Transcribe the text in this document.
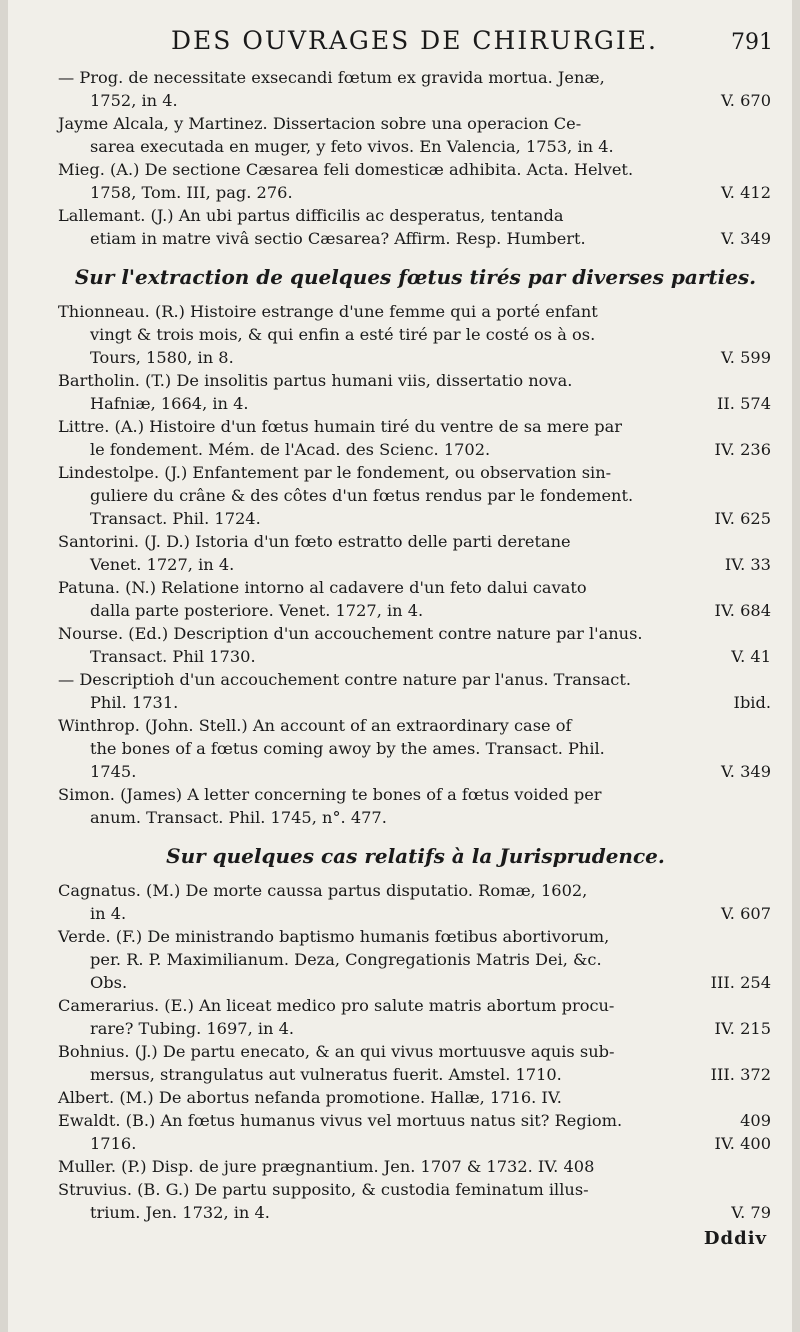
DES OUVRAGES DE CHIRURGIE.	791
— Prog. de necessitate exsecandi fœtum ex gravida mortua. Jenæ,
1752, in 4.	V. 670
Jayme Alcala, y Martinez. Dissertacion sobre una operacion Ce-
sarea executada en muger, y feto vivos. En Valencia, 1753, in 4.
Mieg. (A.) De sectione Cæsarea feli domesticæ adhibita. Acta. Helvet.
1758, Tom. III, pag. 276.	V. 412
Lallemant. (J.) An ubi partus difficilis ac desperatus, tentanda
etiam in matre vivâ sectio Cæsarea? Affirm. Resp. Humbert.	V. 349
Sur l'extraction de quelques fœtus tirés par diverses parties.
Thionneau. (R.) Histoire estrange d'une femme qui a porté enfant
vingt & trois mois, & qui enfin a esté tiré par le costé os à os.
Tours, 1580, in 8.	V. 599
Bartholin. (T.) De insolitis partus humani viis, dissertatio nova.
Hafniæ, 1664, in 4.	II. 574
Littre. (A.) Histoire d'un fœtus humain tiré du ventre de sa mere par
le fondement. Mém. de l'Acad. des Scienc. 1702.	IV. 236
Lindestolpe. (J.) Enfantement par le fondement, ou observation sin-
guliere du crâne & des côtes d'un fœtus rendus par le fondement.
Transact. Phil. 1724.	IV. 625
Santorini. (J. D.) Istoria d'un fœto estratto delle parti deretane
Venet. 1727, in 4.	IV. 33
Patuna. (N.) Relatione intorno al cadavere d'un feto dalui cavato
dalla parte posteriore. Venet. 1727, in 4.	IV. 684
Nourse. (Ed.) Description d'un accouchement contre nature par l'anus.
Transact. Phil 1730.	V. 41
— Descriptioh d'un accouchement contre nature par l'anus. Transact.
Phil. 1731.	Ibid.
Winthrop. (John. Stell.) An account of an extraordinary case of
the bones of a fœtus coming awoy by the ames. Transact. Phil.
1745.	V. 349
Simon. (James) A letter concerning te bones of a fœtus voided per
anum. Transact. Phil. 1745, n°. 477.
Sur quelques cas relatifs à la Jurisprudence.
Cagnatus. (M.) De morte caussa partus disputatio. Romæ, 1602,
in 4.	V. 607
Verde. (F.) De ministrando baptismo humanis fœtibus abortivorum,
per. R. P. Maximilianum. Deza, Congregationis Matris Dei, &c.
Obs.	III. 254
Camerarius. (E.) An liceat medico pro salute matris abortum procu-
rare? Tubing. 1697, in 4.	IV. 215
Bohnius. (J.) De partu enecato, & an qui vivus mortuusve aquis sub-
mersus, strangulatus aut vulneratus fuerit. Amstel. 1710.	III. 372
Albert. (M.) De abortus nefanda promotione. Hallæ, 1716. IV.
409
Ewaldt. (B.) An fœtus humanus vivus vel mortuus natus sit? Regiom.
1716.	IV. 400
Muller. (P.) Disp. de jure prægnantium. Jen. 1707 & 1732. IV. 408
Struvius. (B. G.) De partu supposito, & custodia feminatum illus-
trium. Jen. 1732, in 4.	V. 79
Dddiv
